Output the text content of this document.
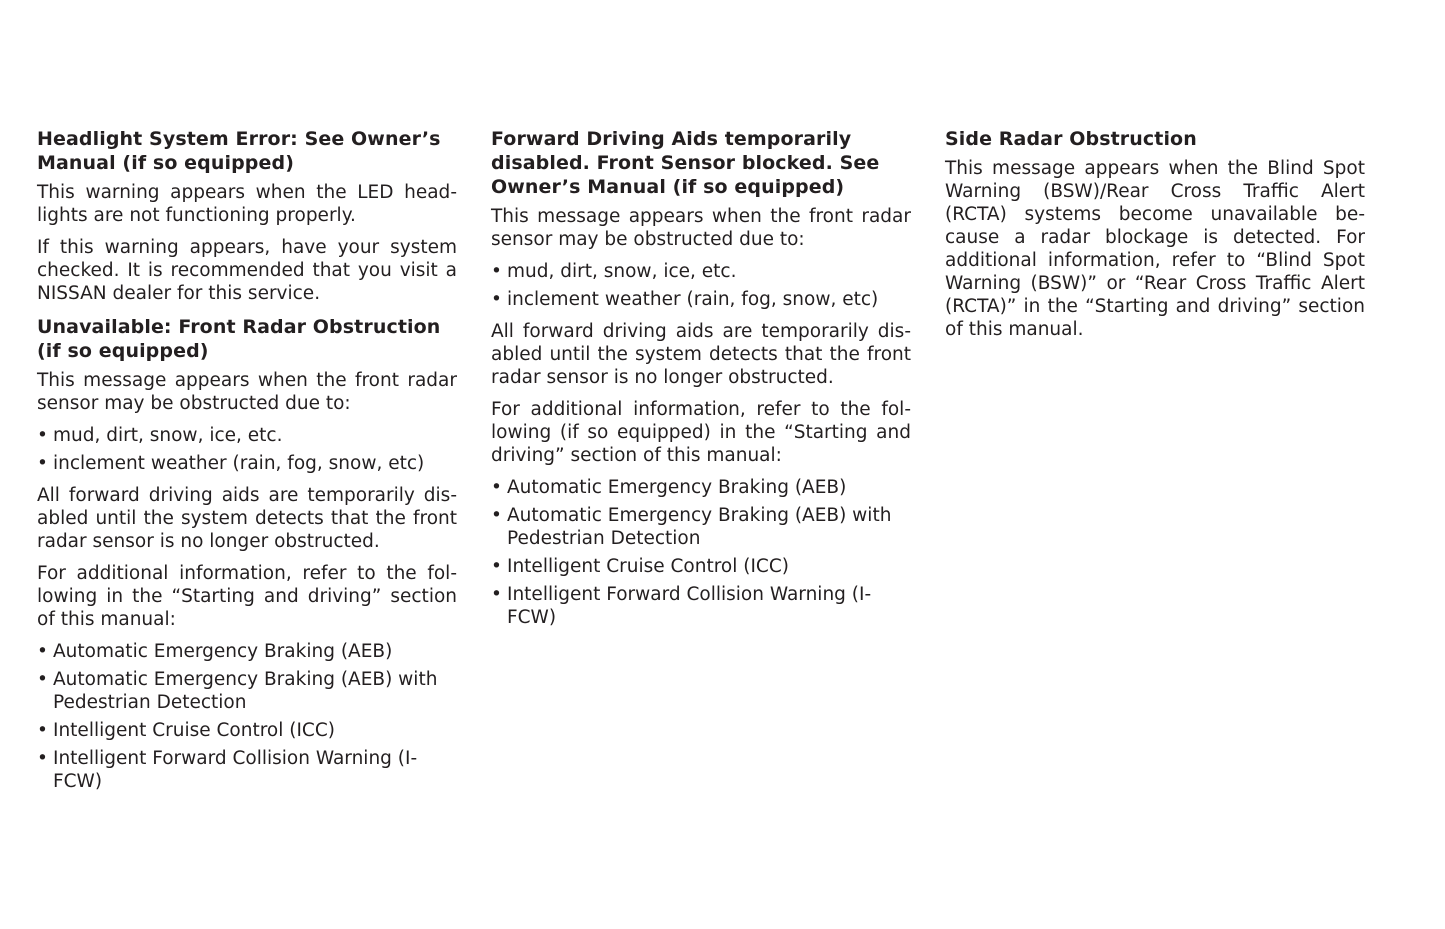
Headlight System Error: See Owner’s Manual (if so equipped)

This warning appears when the LED headlights are not functioning properly.

If this warning appears, have your system checked. It is recommended that you visit a NISSAN dealer for this service.

Unavailable: Front Radar Obstruction (if so equipped)

This message appears when the front radar sensor may be obstructed due to:

• mud, dirt, snow, ice, etc.
• inclement weather (rain, fog, snow, etc)

All forward driving aids are temporarily disabled until the system detects that the front radar sensor is no longer obstructed.

For additional information, refer to the following in the “Starting and driving” section of this manual:

• Automatic Emergency Braking (AEB)
• Automatic Emergency Braking (AEB) with Pedestrian Detection
• Intelligent Cruise Control (ICC)
• Intelligent Forward Collision Warning (I-FCW)
Forward Driving Aids temporarily disabled. Front Sensor blocked. See Owner’s Manual (if so equipped)

This message appears when the front radar sensor may be obstructed due to:

• mud, dirt, snow, ice, etc.
• inclement weather (rain, fog, snow, etc)

All forward driving aids are temporarily disabled until the system detects that the front radar sensor is no longer obstructed.

For additional information, refer to the following (if so equipped) in the “Starting and driving” section of this manual:

• Automatic Emergency Braking (AEB)
• Automatic Emergency Braking (AEB) with Pedestrian Detection
• Intelligent Cruise Control (ICC)
• Intelligent Forward Collision Warning (I-FCW)
Side Radar Obstruction

This message appears when the Blind Spot Warning (BSW)/Rear Cross Traffic Alert (RCTA) systems become unavailable because a radar blockage is detected. For additional information, refer to “Blind Spot Warning (BSW)” or “Rear Cross Traffic Alert (RCTA)” in the “Starting and driving” section of this manual.
